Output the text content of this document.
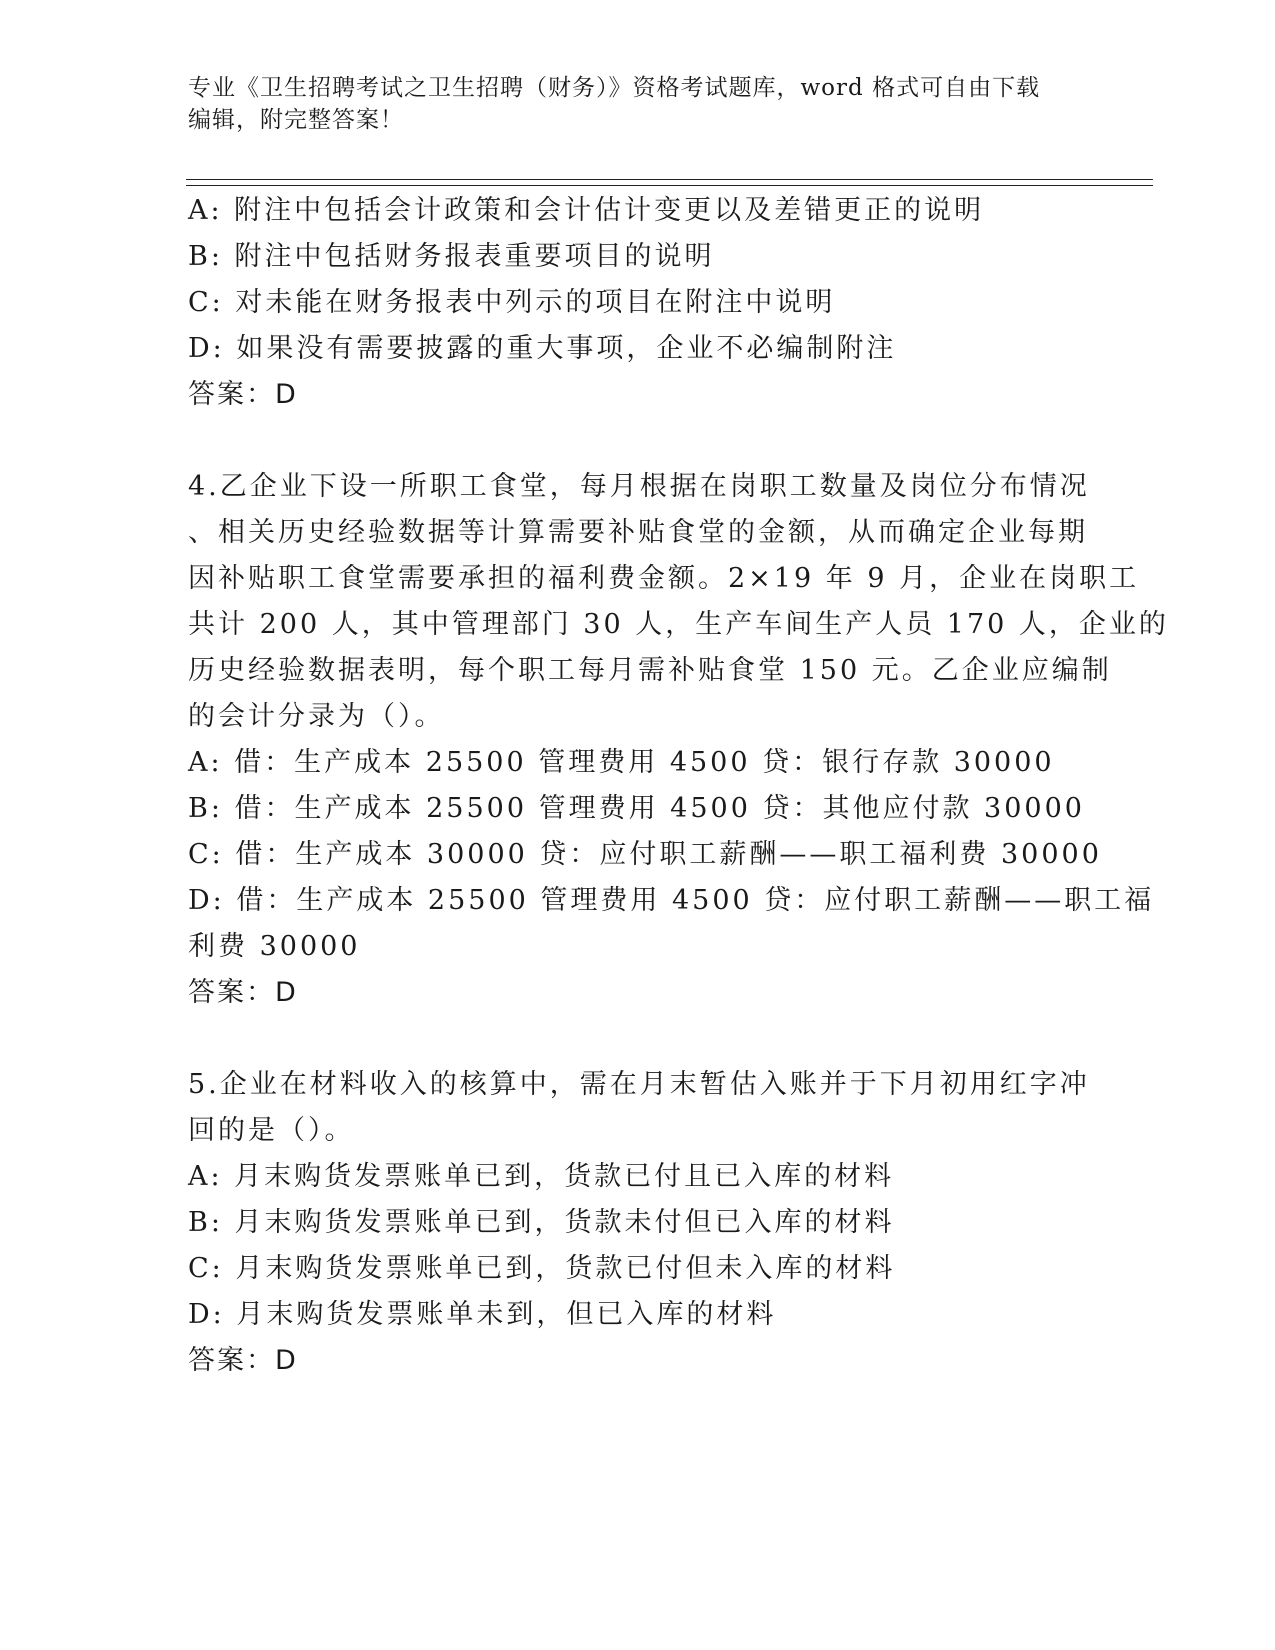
专业《卫生招聘考试之卫生招聘（财务）》资格考试题库，word 格式可自由下载
编辑，附完整答案！
A: 附注中包括会计政策和会计估计变更以及差错更正的说明
B: 附注中包括财务报表重要项目的说明
C: 对未能在财务报表中列示的项目在附注中说明
D: 如果没有需要披露的重大事项，企业不必编制附注
答案：D
4.乙企业下设一所职工食堂，每月根据在岗职工数量及岗位分布情况
、相关历史经验数据等计算需要补贴食堂的金额，从而确定企业每期
因补贴职工食堂需要承担的福利费金额。2×19 年 9 月，企业在岗职工
共计 200 人，其中管理部门 30 人，生产车间生产人员 170 人，企业的
历史经验数据表明，每个职工每月需补贴食堂 150 元。乙企业应编制
的会计分录为（）。
A: 借：生产成本 25500 管理费用 4500 贷：银行存款 30000
B: 借：生产成本 25500 管理费用 4500 贷：其他应付款 30000
C: 借：生产成本 30000 贷：应付职工薪酬——职工福利费 30000
D: 借：生产成本 25500 管理费用 4500 贷：应付职工薪酬——职工福
利费 30000
答案：D
5.企业在材料收入的核算中，需在月末暂估入账并于下月初用红字冲
回的是（）。
A: 月末购货发票账单已到，货款已付且已入库的材料
B: 月末购货发票账单已到，货款未付但已入库的材料
C: 月末购货发票账单已到，货款已付但未入库的材料
D: 月末购货发票账单未到，但已入库的材料
答案：D
